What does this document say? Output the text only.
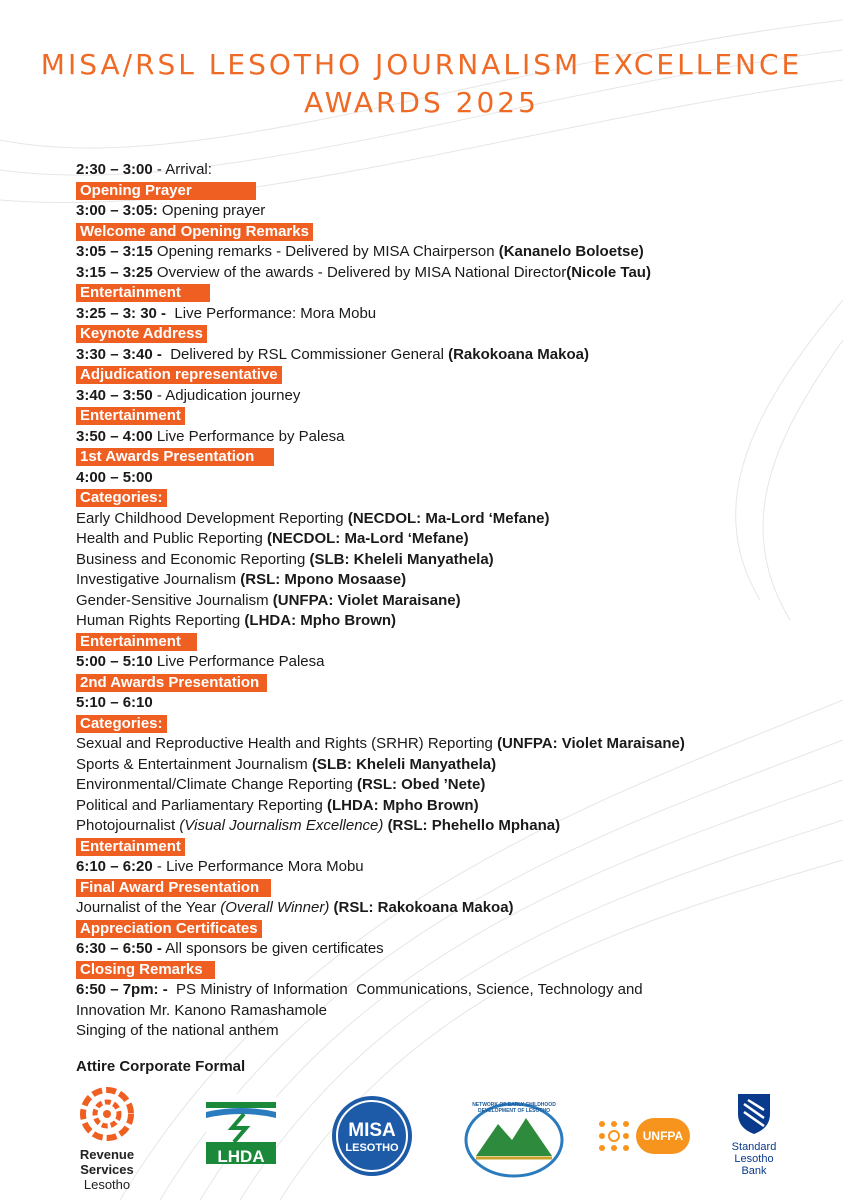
MISA/RSL LESOTHO JOURNALISM EXCELLENCE
AWARDS 2025
2:30 – 3:00 - Arrival:
Opening Prayer
3:00 – 3:05: Opening prayer
Welcome and Opening Remarks
3:05 – 3:15 Opening remarks - Delivered by MISA Chairperson (Kananelo Boloetse)
3:15 – 3:25 Overview of the awards - Delivered by MISA National Director(Nicole Tau)
Entertainment
3:25 – 3: 30 -  Live Performance: Mora Mobu
Keynote Address
3:30 – 3:40 -  Delivered by RSL Commissioner General (Rakokoana Makoa)
Adjudication representative
3:40 – 3:50 - Adjudication journey
Entertainment
3:50 – 4:00 Live Performance by Palesa
1st Awards Presentation
4:00 – 5:00
Categories:
Early Childhood Development Reporting (NECDOL: Ma-Lord ‘Mefane)
Health and Public Reporting (NECDOL: Ma-Lord ‘Mefane)
Business and Economic Reporting (SLB: Kheleli Manyathela)
Investigative Journalism (RSL: Mpono Mosaase)
Gender-Sensitive Journalism (UNFPA: Violet Maraisane)
Human Rights Reporting (LHDA: Mpho Brown)
Entertainment
5:00 – 5:10 Live Performance Palesa
2nd Awards Presentation
5:10 – 6:10
Categories:
Sexual and Reproductive Health and Rights (SRHR) Reporting (UNFPA: Violet Maraisane)
Sports & Entertainment Journalism (SLB: Kheleli Manyathela)
Environmental/Climate Change Reporting (RSL: Obed ’Nete)
Political and Parliamentary Reporting (LHDA: Mpho Brown)
Photojournalist (Visual Journalism Excellence) (RSL: Phehello Mphana)
Entertainment
6:10 – 6:20 - Live Performance Mora Mobu
Final Award Presentation
Journalist of the Year (Overall Winner) (RSL: Rakokoana Makoa)
Appreciation Certificates
6:30 – 6:50 - All sponsors be given certificates
Closing Remarks
6:50 – 7pm: -  PS Ministry of Information  Communications, Science, Technology and
Innovation Mr. Kanono Ramashamole
Singing of the national anthem
Attire Corporate Formal
Revenue
Services
Lesotho
LHDA
MISA
LESOTHO
NETWORK OF EARLY CHILDHOOD DEVELOPMENT OF LESOTHO
UNFPA
Standard
Lesotho
Bank
